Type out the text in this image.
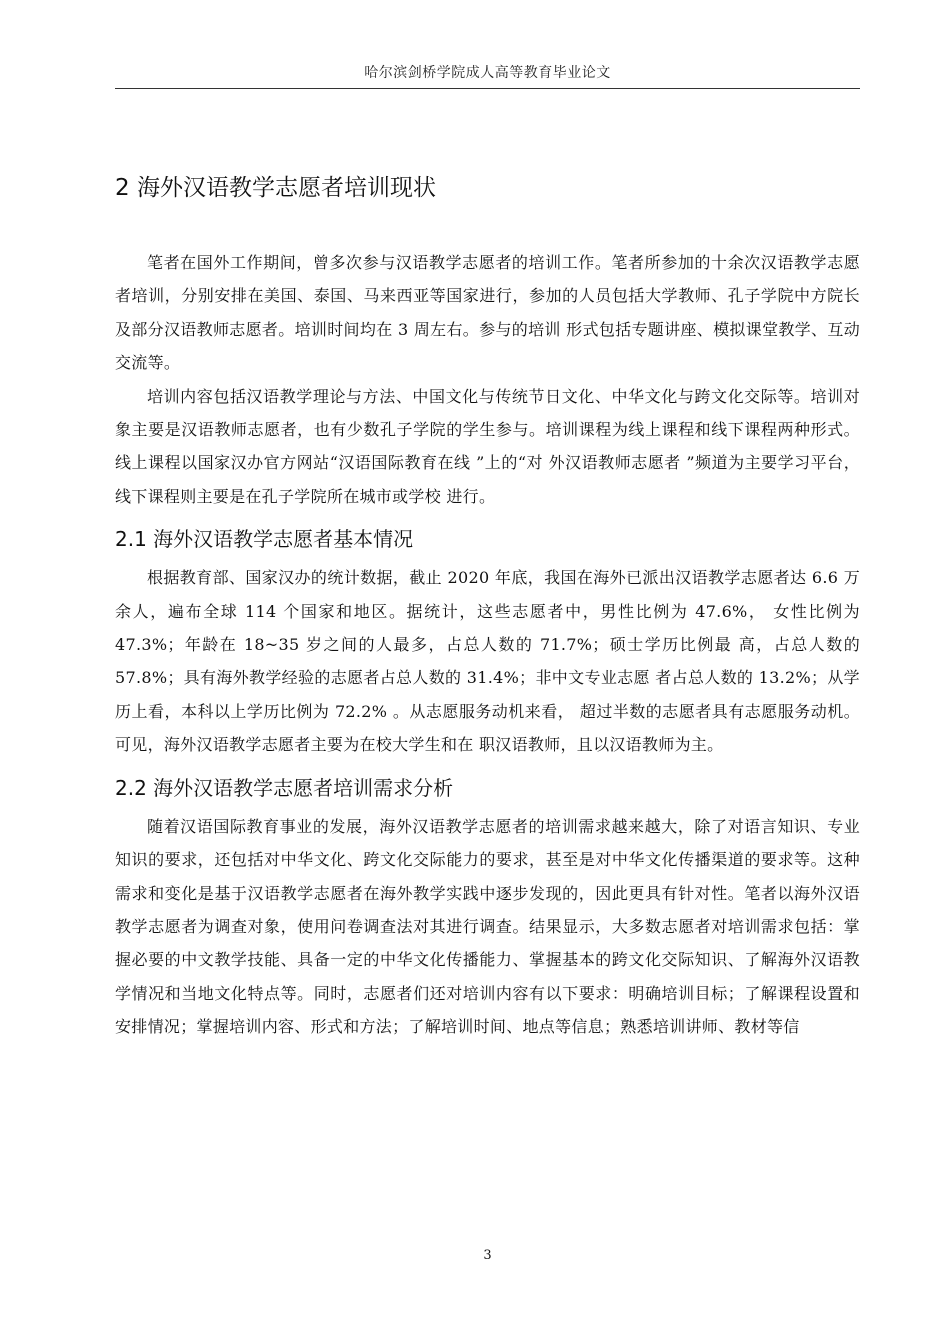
哈尔滨剑桥学院成人高等教育毕业论文
2 海外汉语教学志愿者培训现状

笔者在国外工作期间，曾多次参与汉语教学志愿者的培训工作。笔者所参加的十余次汉语教学志愿者培训，分别安排在美国、泰国、马来西亚等国家进行，参加的人员包括大学教师、孔子学院中方院长及部分汉语教师志愿者。培训时间均在 3 周左右。参与的培训 形式包括专题讲座、模拟课堂教学、互动交流等。

培训内容包括汉语教学理论与方法、中国文化与传统节日文化、中华文化与跨文化交际等。培训对象主要是汉语教师志愿者，也有少数孔子学院的学生参与。培训课程为线上课程和线下课程两种形式。线上课程以国家汉办官方网站“汉语国际教育在线 ”上的“对 外汉语教师志愿者 ”频道为主要学习平台，线下课程则主要是在孔子学院所在城市或学校 进行。

2.1 海外汉语教学志愿者基本情况

根据教育部、国家汉办的统计数据，截止 2020 年底，我国在海外已派出汉语教学志愿者达 6.6 万余人，遍布全球 114 个国家和地区。据统计，这些志愿者中，男性比例为 47.6%， 女性比例为 47.3%；年龄在 18~35 岁之间的人最多，占总人数的 71.7%；硕士学历比例最 高，占总人数的 57.8%；具有海外教学经验的志愿者占总人数的 31.4%；非中文专业志愿 者占总人数的 13.2%；从学历上看，本科以上学历比例为 72.2% 。从志愿服务动机来看， 超过半数的志愿者具有志愿服务动机。可见，海外汉语教学志愿者主要为在校大学生和在 职汉语教师，且以汉语教师为主。

2.2 海外汉语教学志愿者培训需求分析

随着汉语国际教育事业的发展，海外汉语教学志愿者的培训需求越来越大，除了对语言知识、专业知识的要求，还包括对中华文化、跨文化交际能力的要求，甚至是对中华文化传播渠道的要求等。这种需求和变化是基于汉语教学志愿者在海外教学实践中逐步发现的，因此更具有针对性。笔者以海外汉语教学志愿者为调查对象，使用问卷调查法对其进行调查。结果显示，大多数志愿者对培训需求包括：掌握必要的中文教学技能、具备一定的中华文化传播能力、掌握基本的跨文化交际知识、了解海外汉语教学情况和当地文化特点等。同时，志愿者们还对培训内容有以下要求：明确培训目标；了解课程设置和安排情况；掌握培训内容、形式和方法；了解培训时间、地点等信息；熟悉培训讲师、教材等信

3
